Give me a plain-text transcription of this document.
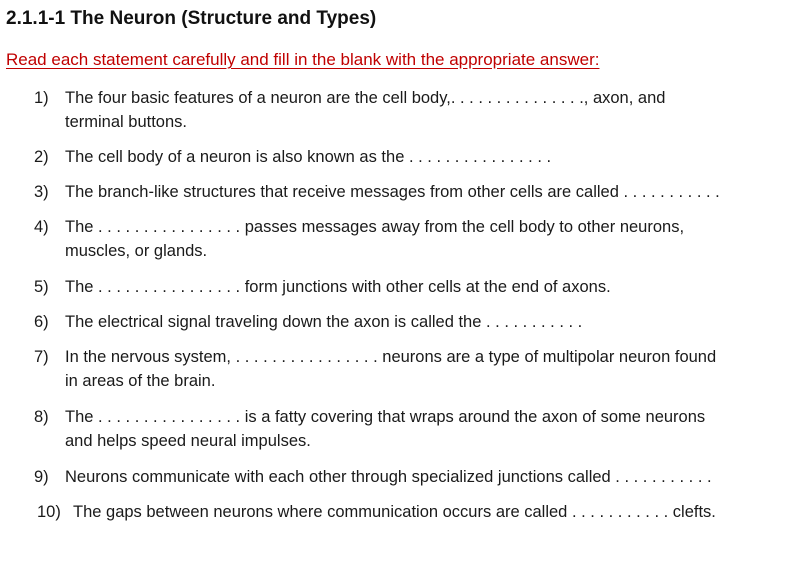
2.1.1-1 The Neuron (Structure and Types)
Read each statement carefully and fill in the blank with the appropriate answer:
1) The four basic features of a neuron are the cell body,. . . . . . . . . . . . . . ., axon, and
terminal buttons.
2) The cell body of a neuron is also known as the . . . . . . . . . . . . . . . .
3) The branch-like structures that receive messages from other cells are called . . . . . . . . . . .
4) The . . . . . . . . . . . . . . . . passes messages away from the cell body to other neurons,
muscles, or glands.
5) The . . . . . . . . . . . . . . . . form junctions with other cells at the end of axons.
6) The electrical signal traveling down the axon is called the . . . . . . . . . . .
7) In the nervous system, . . . . . . . . . . . . . . . . neurons are a type of multipolar neuron found
in areas of the brain.
8) The . . . . . . . . . . . . . . . . is a fatty covering that wraps around the axon of some neurons
and helps speed neural impulses.
9) Neurons communicate with each other through specialized junctions called . . . . . . . . . . .
10) The gaps between neurons where communication occurs are called . . . . . . . . . . . clefts.
